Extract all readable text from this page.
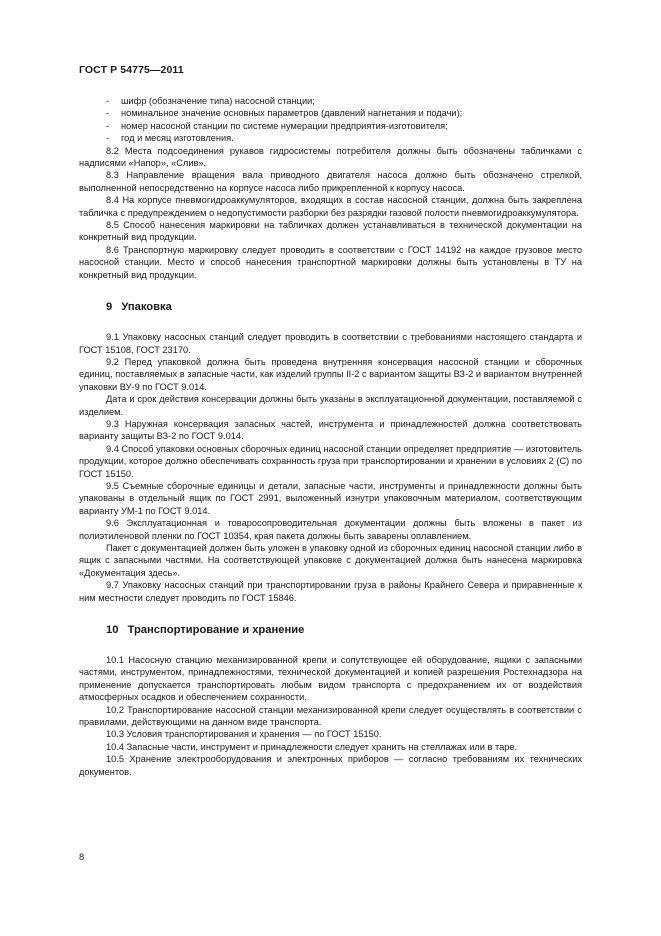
ГОСТ Р 54775—2011

- шифр (обозначение типа) насосной станции;

- номинальное значение основных параметров (давлений нагнетания и подачи);

- номер насосной станции по системе нумерации предприятия-изготовителя;

- год и месяц изготовления.

8.2 Места подсоединения рукавов гидросистемы потребителя должны быть обозначены табличками с надписями «Напор», «Слив».

8.3 Направление вращения вала приводного двигателя насоса должно быть обозначено стрелкой, выполненной непосредственно на корпусе насоса либо прикрепленной к корпусу насоса.

8.4 На корпусе пневмогидроаккумуляторов, входящих в состав насосной станции, должна быть закреплена табличка с предупреждением о недопустимости разборки без разрядки газовой полости пневмогидроаккумулятора.

8.5 Способ нанесения маркировки на табличках должен устанавливаться в технической документации на конкретный вид продукции.

8.6 Транспортную маркировку следует проводить в соответствии с ГОСТ 14192 на каждое грузовое место насосной станции. Место и способ нанесения транспортной маркировки должны быть установлены в ТУ на конкретный вид продукции.

9 Упаковка

9.1 Упаковку насосных станций следует проводить в соответствии с требованиями настоящего стандарта и ГОСТ 15108, ГОСТ 23170.

9.2 Перед упаковкой должна быть проведена внутренняя консервация насосной станции и сборочных единиц, поставляемых в запасные части, как изделий группы II-2 с вариантом защиты ВЗ-2 и вариантом внутренней упаковки ВУ-9 по ГОСТ 9.014.

Дата и срок действия консервации должны быть указаны в эксплуатационной документации, поставляемой с изделием.

9.3 Наружная консервация запасных частей, инструмента и принадлежностей должна соответствовать варианту защиты ВЗ-2 по ГОСТ 9.014.

9.4 Способ упаковки основных сборочных единиц насосной станции определяет предприятие — изготовитель продукции, которое должно обеспечивать сохранность груза при транспортировании и хранении в условиях 2 (С) по ГОСТ 15150.

9.5 Съемные сборочные единицы и детали, запасные части, инструменты и принадлежности должны быть упакованы в отдельный ящик по ГОСТ 2991, выложенный изнутри упаковочным материалом, соответствующим варианту УМ-1 по ГОСТ 9.014.

9.6 Эксплуатационная и товаросопроводительная документации должны быть вложены в пакет из полиэтиленовой пленки по ГОСТ 10354, края пакета должны быть заварены оплавлением.

Пакет с документацией должен быть уложен в упаковку одной из сборочных единиц насосной станции либо в ящик с запасными частями. На соответствующей упаковке с документацией должна быть нанесена маркировка «Документация здесь».

9.7 Упаковку насосных станций при транспортировании груза в районы Крайнего Севера и приравненные к ним местности следует проводить по ГОСТ 15846.

10 Транспортирование и хранение

10.1 Насосную станцию механизированной крепи и сопутствующее ей оборудование, ящики с запасными частями, инструментом, принадлежностями, технической документацией и копией разрешения Ростехнадзора на применение допускается транспортировать любым видом транспорта с предохранением их от воздействия атмосферных осадков и обеспечением сохранности.

10.2 Транспортирование насосной станции механизированной крепи следует осуществлять в соответствии с правилами, действующими на данном виде транспорта.

10.3 Условия транспортирования и хранения — по ГОСТ 15150.

10.4 Запасные части, инструмент и принадлежности следует хранить на стеллажах или в таре.

10.5 Хранение электрооборудования и электронных приборов — согласно требованиям их технических документов.

8
